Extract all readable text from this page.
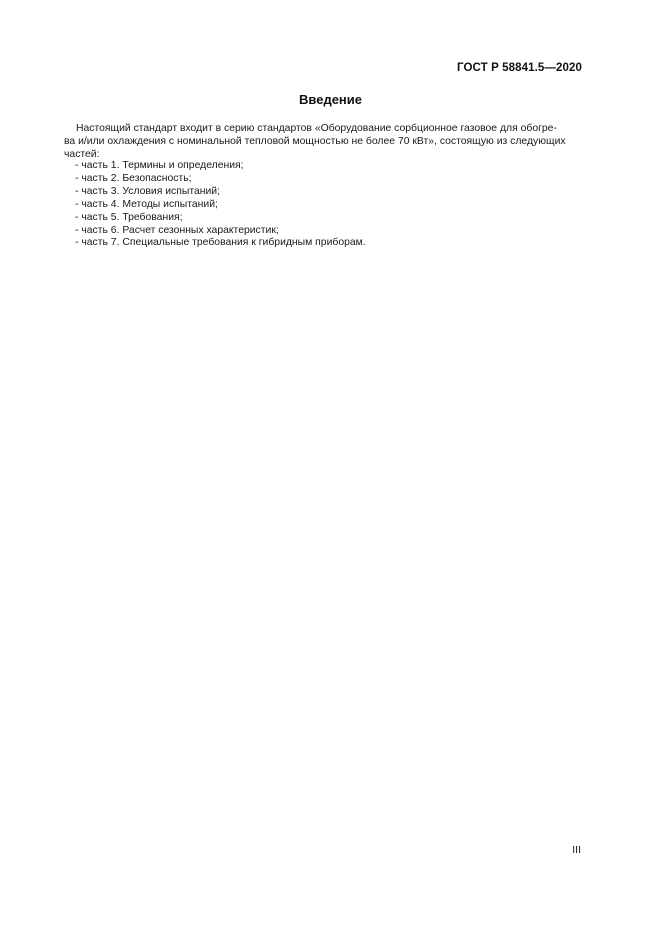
ГОСТ Р 58841.5—2020
Введение
Настоящий стандарт входит в серию стандартов «Оборудование сорбционное газовое для обогре-
ва и/или охлаждения с номинальной тепловой мощностью не более 70 кВт», состоящую из следующих
частей:
- часть 1. Термины и определения;
- часть 2. Безопасность;
- часть 3. Условия испытаний;
- часть 4. Методы испытаний;
- часть 5. Требования;
- часть 6. Расчет сезонных характеристик;
- часть 7. Специальные требования к гибридным приборам.
III
